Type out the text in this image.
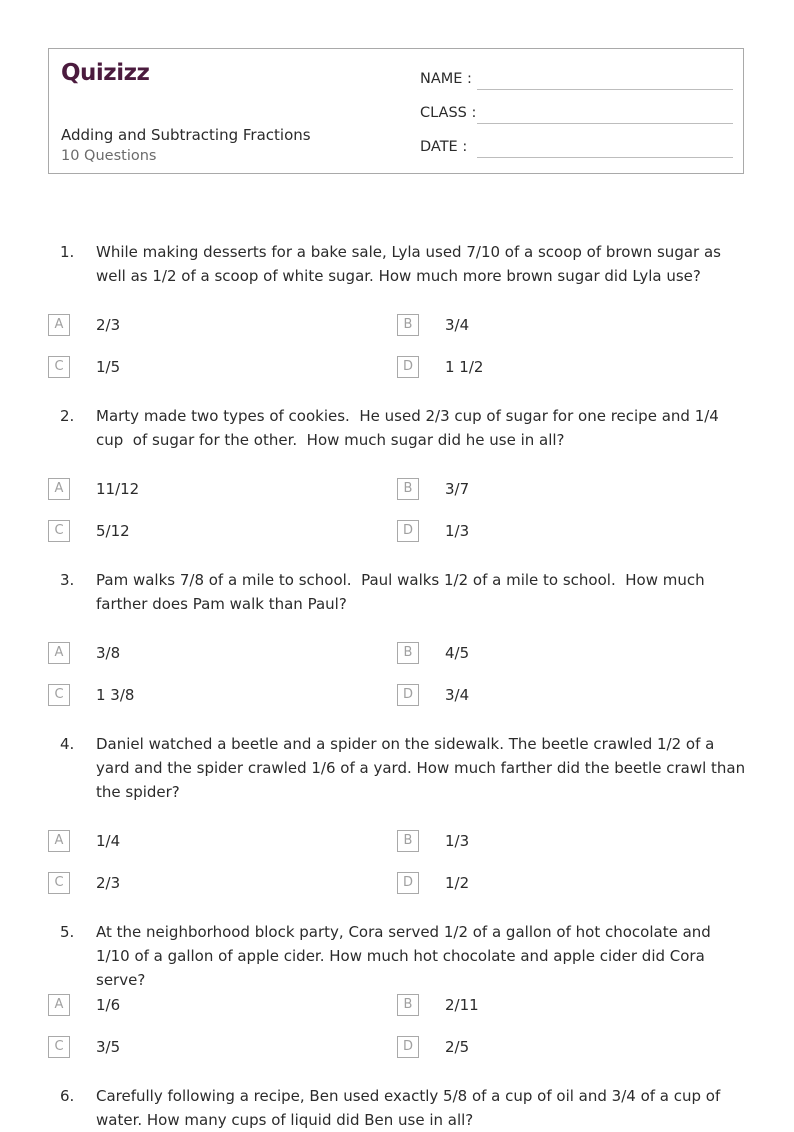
Quizizz
Adding and Subtracting Fractions
10 Questions
NAME :
CLASS :
DATE :
1. While making desserts for a bake sale, Lyla used 7/10 of a scoop of brown sugar as well as 1/2 of a scoop of white sugar. How much more brown sugar did Lyla use?
A	2/3	B	3/4
C	1/5	D	1 1/2
2. Marty made two types of cookies.  He used 2/3 cup of sugar for one recipe and 1/4 cup  of sugar for the other.  How much sugar did he use in all?
A	11/12	B	3/7
C	5/12	D	1/3
3. Pam walks 7/8 of a mile to school.  Paul walks 1/2 of a mile to school.  How much farther does Pam walk than Paul?
A	3/8	B	4/5
C	1 3/8	D	3/4
4. Daniel watched a beetle and a spider on the sidewalk. The beetle crawled 1/2 of a yard and the spider crawled 1/6 of a yard. How much farther did the beetle crawl than the spider?
A	1/4	B	1/3
C	2/3	D	1/2
5. At the neighborhood block party, Cora served 1/2 of a gallon of hot chocolate and 1/10 of a gallon of apple cider. How much hot chocolate and apple cider did Cora serve?
A	1/6	B	2/11
C	3/5	D	2/5
6. Carefully following a recipe, Ben used exactly 5/8 of a cup of oil and 3/4 of a cup of water. How many cups of liquid did Ben use in all?
